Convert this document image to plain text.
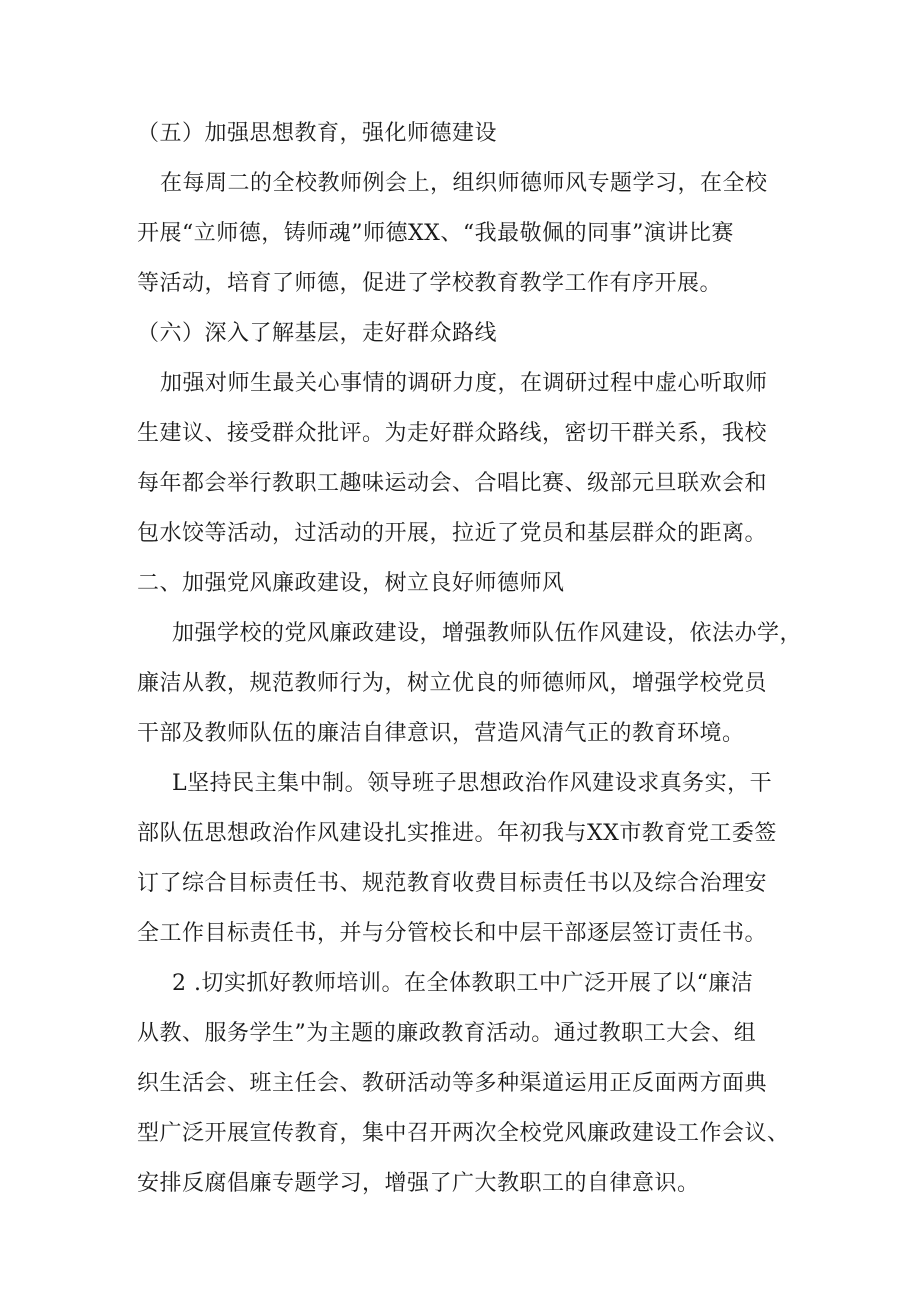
（五）加强思想教育，强化师德建设
在每周二的全校教师例会上，组织师德师风专题学习，在全校
开展“立师德，铸师魂”师德XX、“我最敬佩的同事”演讲比赛
等活动，培育了师德，促进了学校教育教学工作有序开展。
（六）深入了解基层，走好群众路线
加强对师生最关心事情的调研力度，在调研过程中虚心听取师
生建议、接受群众批评。为走好群众路线，密切干群关系，我校
每年都会举行教职工趣味运动会、合唱比赛、级部元旦联欢会和
包水饺等活动，过活动的开展，拉近了党员和基层群众的距离。
二、加强党风廉政建设，树立良好师德师风
加强学校的党风廉政建设，增强教师队伍作风建设，依法办学，
廉洁从教，规范教师行为，树立优良的师德师风，增强学校党员
干部及教师队伍的廉洁自律意识，营造风清气正的教育环境。
L坚持民主集中制。领导班子思想政治作风建设求真务实，干
部队伍思想政治作风建设扎实推进。年初我与XX市教育党工委签
订了综合目标责任书、规范教育收费目标责任书以及综合治理安
全工作目标责任书，并与分管校长和中层干部逐层签订责任书。
2 .切实抓好教师培训。在全体教职工中广泛开展了以“廉洁
从教、服务学生”为主题的廉政教育活动。通过教职工大会、组
织生活会、班主任会、教研活动等多种渠道运用正反面两方面典
型广泛开展宣传教育，集中召开两次全校党风廉政建设工作会议、
安排反腐倡廉专题学习，增强了广大教职工的自律意识。
